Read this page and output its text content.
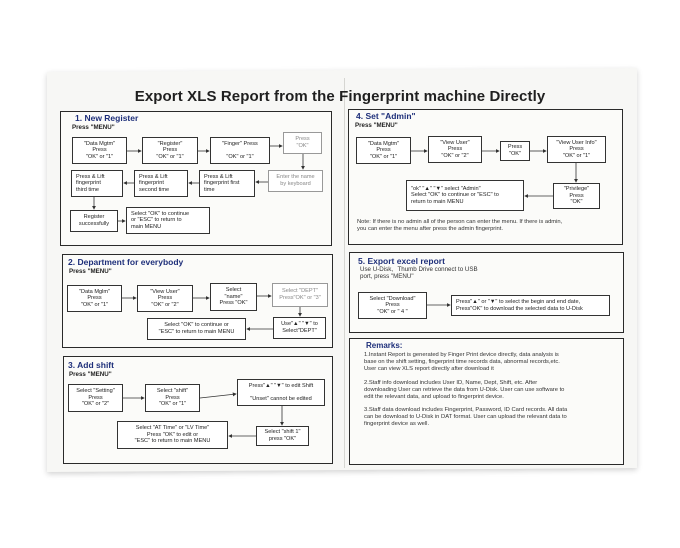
Export XLS Report from the Fingerprint machine Directly
1. New Register
Press "MENU"
"Data Mgtm"
Press
"OK" or "1"
"Register"
Press
"OK" or "1"
"Finger" Press

"OK" or "1"
Press
"OK"
Enter the name
by keyboard
Press & Lift
fingerprint first
time
Press & Lift
fingerprint
second time
Press & Lift
fingerprint
third time
Register
successfully
Select "OK" to continue
or "ESC" to return to
main MENU
2. Department for everybody
Press "MENU"
"Data Mglm"
Press
"OK" or "1"
"View User"
Press
"OK" or "2"
Select
"name"
Press "OK"
Select "DEPT"
Press"OK" or "3"
Use"▲" "▼" to
Select"DEPT"
Select "OK" to continue or
"ESC" to return to main MENU
3. Add shift
Press "MENU"
Select "Setting"
Press
"OK" or "2"
Select "shift"
Press
"OK" or "1"
Press"▲" "▼" to edit Shift

"Unset" cannot be edited
Select "shift 1"
press "OK"
Select "AT Time" or "LV Time"
Press "OK" to edit or
"ESC" to return to main MENU
4. Set "Admin"
Press "MENU"
"Data Mgtm"
Press
"OK" or "1"
"View User"
Press
"OK" or "2"
Press
"OK"
"View User Info"
Press
"OK" or "1"
"Privilege"
Press
"OK"
"ok" "▲" "▼" select "Admin"
Select "OK" to continue or "ESC" to
return to main MENU
Note: If there is no admin all of the person can enter the menu. If there is admin,
you can enter the menu after press the admin fingerprint.
5. Export excel report
Use U-Disk、Thumb Drive connect to USB
port, press "MENU"
Select "Download"
Press
"OK" or " 4 "
Press"▲" or "▼" to select the begin and end date,
Press"OK" to download the selected data to U-Disk
Remarks:
1.Instant Report is generated by Finger Print device directly, data analysis is
base on the shift setting, fingerprint time records data, abnormal records,etc.
User can view XLS report directly after download it
2.Staff info download includes User ID, Name, Dept, Shift, etc. After
downloading User can retrieve the data from U-Disk. User can use software to
edit the relevant data, and upload to fingerprint device.
3.Staff data download includes Fingerprint, Password, ID Card records. All data
can be download to U-Disk in DAT format. User can upload the relevant data to
fingerprint device as well.
